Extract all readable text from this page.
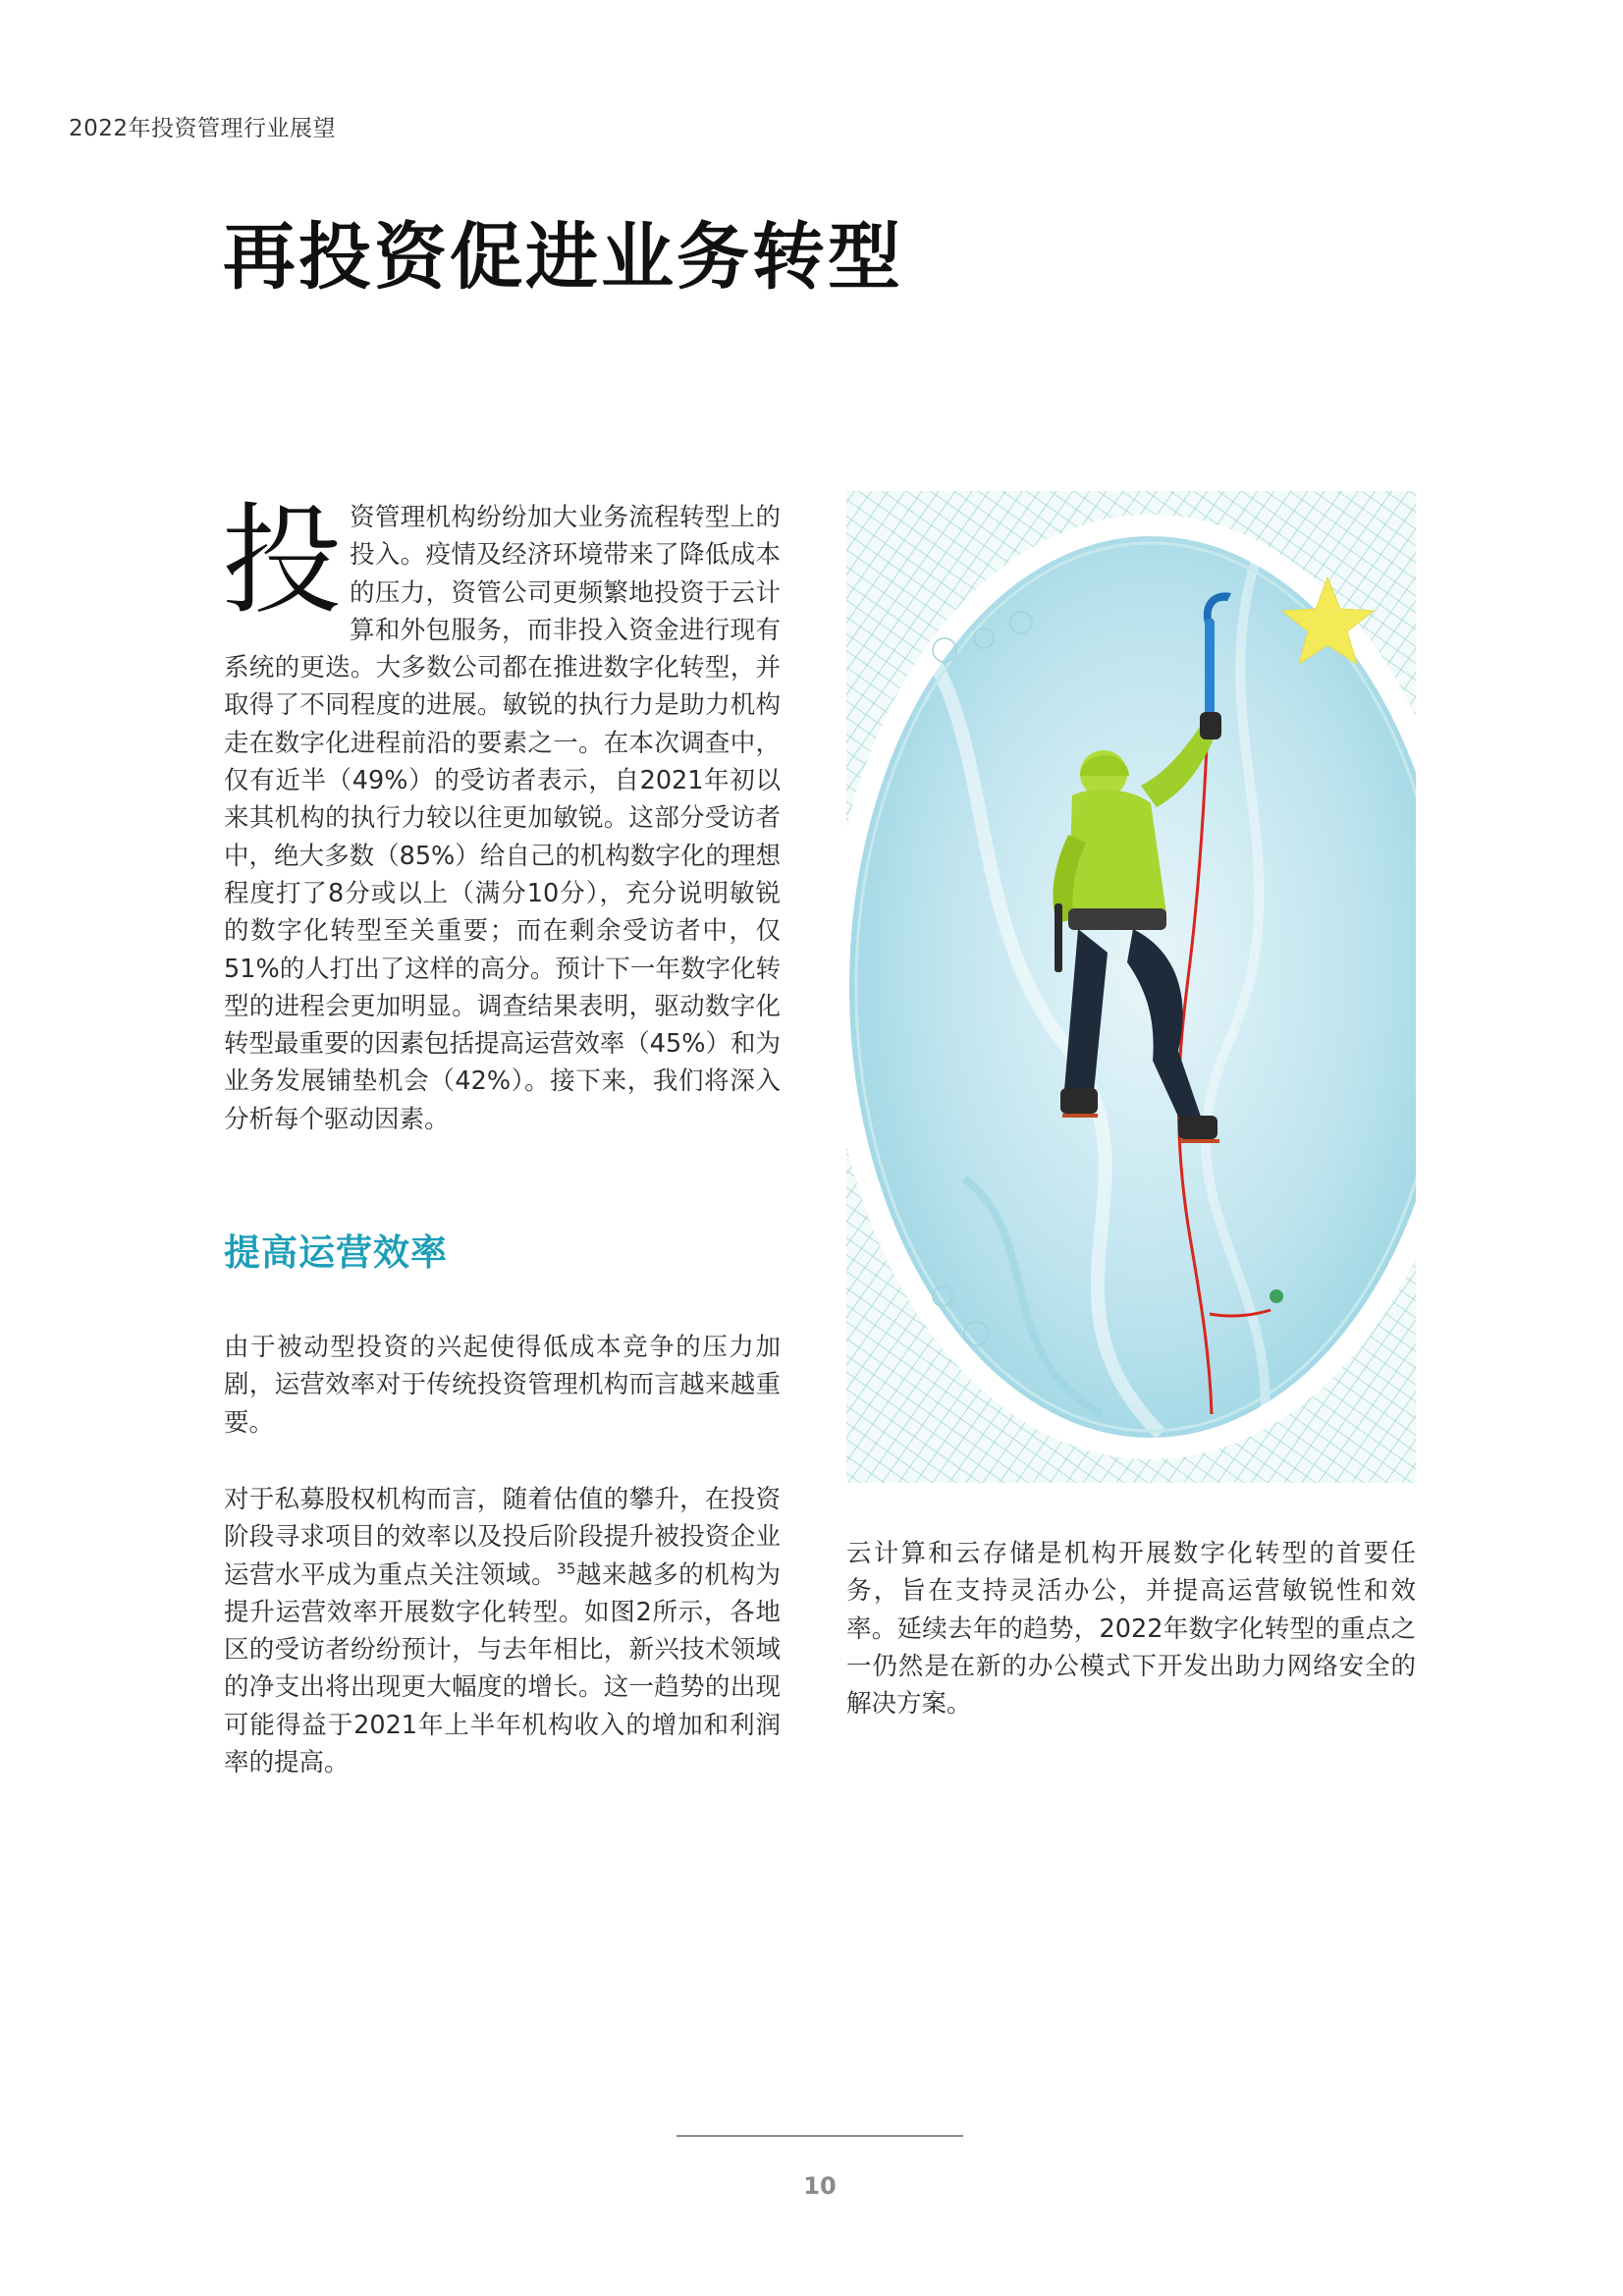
2022年投资管理行业展望
再投资促进业务转型

投资管理机构纷纷加大业务流程转型上的投入。疫情及经济环境带来了降低成本的压力，资管公司更频繁地投资于云计算和外包服务，而非投入资金进行现有系统的更迭。大多数公司都在推进数字化转型，并取得了不同程度的进展。敏锐的执行力是助力机构走在数字化进程前沿的要素之一。在本次调查中，仅有近半（49%）的受访者表示，自2021年初以来其机构的执行力较以往更加敏锐。这部分受访者中，绝大多数（85%）给自己的机构数字化的理想程度打了8分或以上（满分10分），充分说明敏锐的数字化转型至关重要；而在剩余受访者中，仅51%的人打出了这样的高分。预计下一年数字化转型的进程会更加明显。调查结果表明，驱动数字化转型最重要的因素包括提高运营效率（45%）和为业务发展铺垫机会（42%）。接下来，我们将深入分析每个驱动因素。

提高运营效率

由于被动型投资的兴起使得低成本竞争的压力加剧，运营效率对于传统投资管理机构而言越来越重要。

对于私募股权机构而言，随着估值的攀升，在投资阶段寻求项目的效率以及投后阶段提升被投资企业运营水平成为重点关注领域。$^{35}$越来越多的机构为提升运营效率开展数字化转型。如图2所示，各地区的受访者纷纷预计，与去年相比，新兴技术领域的净支出将出现更大幅度的增长。这一趋势的出现可能得益于2021年上半年机构收入的增加和利润率的提高。

云计算和云存储是机构开展数字化转型的首要任务，旨在支持灵活办公，并提高运营敏锐性和效率。延续去年的趋势，2022年数字化转型的重点之一仍然是在新的办公模式下开发出助力网络安全的解决方案。

10
